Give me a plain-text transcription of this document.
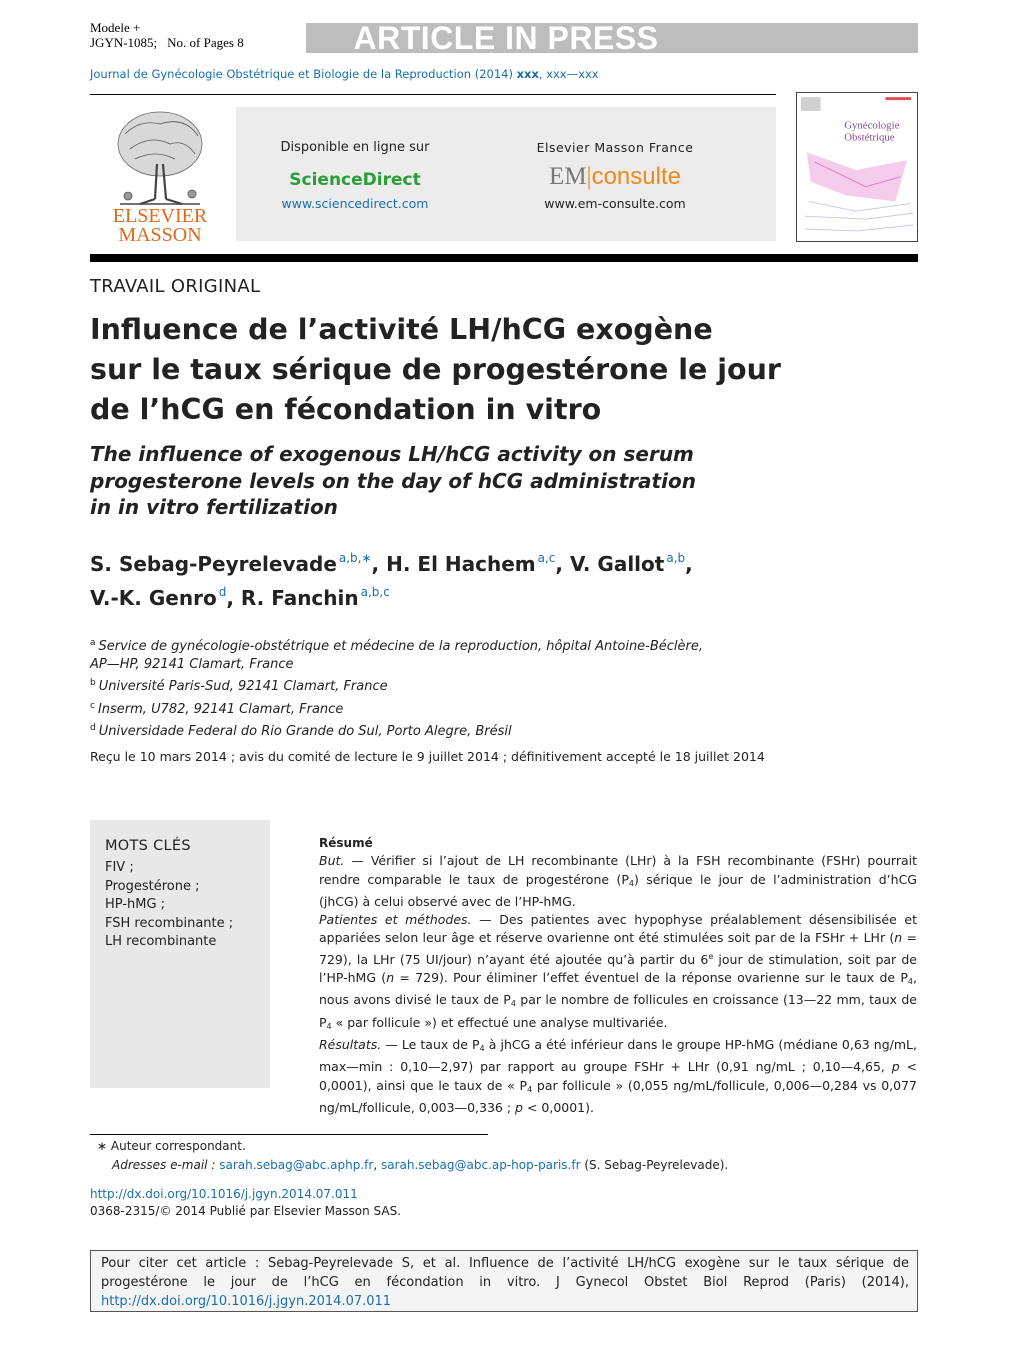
Modele +
JGYN-1085; No. of Pages 8	ARTICLE IN PRESS
Journal de Gynécologie Obstétrique et Biologie de la Reproduction (2014) xxx, xxx—xxx
ELSEVIER
MASSON
Disponible en ligne sur
ScienceDirect
www.sciencedirect.com
Elsevier Masson France
EM|consulte
www.em-consulte.com
Gynécologie
Obstétrique
TRAVAIL ORIGINAL
Influence de l’activité LH/hCG exogène
sur le taux sérique de progestérone le jour
de l’hCG en fécondation in vitro
The influence of exogenous LH/hCG activity on serum
progesterone levels on the day of hCG administration
in in vitro fertilization
S. Sebag-Peyrelevade $^{a,b,∗}$, H. El Hachem $^{a,c}$, V. Gallot $^{a,b}$,
V.-K. Genro $^d$, R. Fanchin $^{a,b,c}$
$^a$ Service de gynécologie-obstétrique et médecine de la reproduction, hôpital Antoine-Béclère,
AP—HP, 92141 Clamart, France
$^b$ Université Paris-Sud, 92141 Clamart, France
$^c$ Inserm, U782, 92141 Clamart, France
$^d$ Universidade Federal do Rio Grande do Sul, Porto Alegre, Brésil
Reçu le 10 mars 2014 ; avis du comité de lecture le 9 juillet 2014 ; définitivement accepté le 18 juillet 2014
MOTS CLÉS
FIV ;
Progestérone ;
HP-hMG ;
FSH recombinante ;
LH recombinante
Résumé
But. — Vérifier si l’ajout de LH recombinante (LHr) à la FSH recombinante (FSHr) pourrait rendre comparable le taux de progestérone $(P_4)$ sérique le jour de l’administration d’hCG (jhCG) à celui observé avec de l’HP-hMG.
Patientes et méthodes. — Des patientes avec hypophyse préalablement désensibilisée et appariées selon leur âge et réserve ovarienne ont été stimulées soit par de la FSHr + LHr (n = 729), la LHr (75 UI/jour) n’ayant été ajoutée qu’à partir du 6e jour de stimulation, soit par de l’HP-hMG (n = 729). Pour éliminer l’effet éventuel de la réponse ovarienne sur le taux de $P_4$, nous avons divisé le taux de $P_4$ par le nombre de follicules en croissance (13—22 mm, taux de $P_4$ « par follicule ») et effectué une analyse multivariée.
Résultats. — Le taux de $P_4$ à jhCG a été inférieur dans le groupe HP-hMG (médiane 0,63 ng/mL, max—min : 0,10—2,97) par rapport au groupe FSHr + LHr (0,91 ng/mL ; 0,10—4,65, p < 0,0001), ainsi que le taux de « $P_4$ par follicule » (0,055 ng/mL/follicule, 0,006—0,284 vs 0,077 ng/mL/follicule, 0,003—0,336 ; p < 0,0001).
∗ Auteur correspondant.
Adresses e-mail : sarah.sebag@abc.aphp.fr, sarah.sebag@abc.ap-hop-paris.fr (S. Sebag-Peyrelevade).
http://dx.doi.org/10.1016/j.jgyn.2014.07.011
0368-2315/© 2014 Publié par Elsevier Masson SAS.
Pour citer cet article : Sebag-Peyrelevade S, et al. Influence de l’activité LH/hCG exogène sur le taux sérique de progestérone le jour de l’hCG en fécondation in vitro. J Gynecol Obstet Biol Reprod (Paris) (2014), http://dx.doi.org/10.1016/j.jgyn.2014.07.011
